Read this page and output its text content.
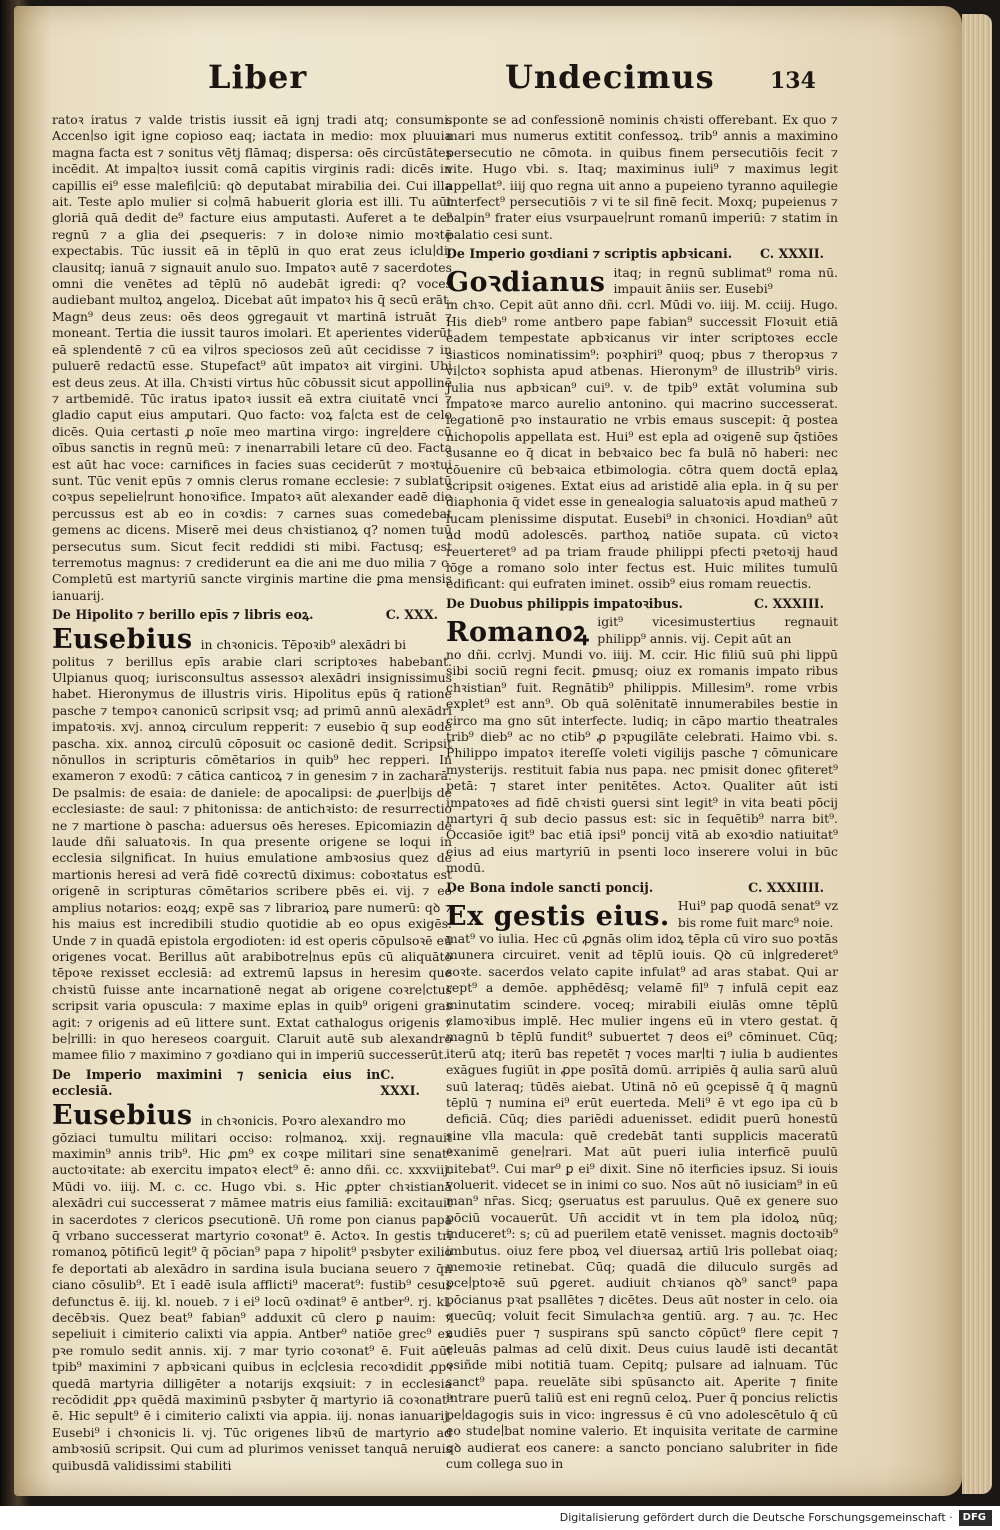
Liber	Undecimus	134

ratoꝛ iratus ⁊ valde tristis iussit eā ignj tradi atq; consumi. Accen∣so igit igne copioso eaq; iactata in medio: mox pluuia magna facta est ⁊ sonitus vētj flāmaq; dispersa: oēs circūstātes incēdit. At impa∣toꝛ iussit comā capitis virginis radi: dicēs in capillis ei⁹ esse malefi∣ciū: qꝺ deputabat mirabilia dei. Cui illa ait. Teste aplo mulier si co∣mā habuerit gloria est illi. Tu aūt gloriā quā dedit de⁹ facture eius amputasti. Auferet a te de⁹ regnū ⁊ a glia dei ꝓsequeris: ⁊ in doloꝛe nimio moꝛtē expectabis. Tūc iussit eā in tēplū in quo erat zeus iclu∣di: clausitq; ianuā ⁊ signauit anulo suo. Impatoꝛ autē ⁊ sacerdotes omni die venētes ad tēplū nō audebāt igredi: q? voces audiebant multoꝝ angeloꝝ. Dicebat aūt impatoꝛ his q̄ secū erāt. Magn⁹ deus zeus: oēs deos ꝯgregauit vt martinā istruāt ⁊ moneant. Tertia die iussit tauros imolari. Et aperientes viderūt eā splendentē ⁊ cū ea vi∣ros speciosos zeū aūt cecidisse ⁊ in puluerē redactū esse. Stupefact⁹ aūt impatoꝛ ait virgini. Ubi est deus zeus. At illa. Chꝛisti virtus hūc cōbussit sicut appollinē ⁊ artbemidē. Tūc iratus ipatoꝛ iussit eā extra ciuitatē vnci ⁊ gladio caput eius amputari. Quo facto: voꝝ fa∣cta est de celo dicēs. Quia certasti ꝓ noīe meo martina virgo: ingre∣dere cū oībus sanctis in regnū meū: ⁊ inenarrabili letare cū deo. Facta est aūt hac voce: carnifices in facies suas ceciderūt ⁊ moꝛtui sunt. Tūc venit epūs ⁊ omnis clerus romane ecclesie: ⁊ sublatū coꝛpus sepelie∣runt honoꝛifice. Impatoꝛ aūt alexander eadē die percussus est ab eo in coꝛdis: ⁊ carnes suas comedebat gemens ac dicens. Miserē mei deus chꝛistianoꝝ q? nomen tuū persecutus sum. Sicut fecit reddidi sti mibi. Factusq; est terremotus magnus: ⁊ crediderunt ea die ani me duo milia ⁊ c. Completū est martyriū sancte virginis martine die ꝑma mensis ianuarij.

De Hipolito ⁊ berillo epīs ⁊ libris eoꝝ.	C. XXX.
Eusebius in chꝛonicis. Tēpoꝛib⁹ alexādri bi

politus ⁊ berillus epīs arabie clari scriptoꝛes habebant. Ulpianus quoq; iurisconsultus assessoꝛ alexādri insignissimus habet. Hieronymus de illustris viris. Hipolitus epūs q̄ ratione pasche ⁊ tempoꝛ canonicū scripsit vsq; ad primū annū alexādri impatoꝛis. xvj. annoꝝ circulum repperit: ⁊ eusebio q̄ sup eodē pascha. xix. annoꝝ circulū cōposuit oc casionē dedit. Scripsit nōnullos in scripturis cōmētarios in quib⁹ hec repperi. In exameron ⁊ exodū: ⁊ cātica canticoꝝ ⁊ in genesim ⁊ in zacharā. De psalmis: de esaia: de daniele: de apocalipsi: de ꝓuer∣bijs de ecclesiaste: de saul: ⁊ phitonissa: de antichꝛisto: de resurrectio ne ⁊ martione ꝺ pascha: aduersus oēs hereses. Epicomiazin de laude dñi saluatoꝛis. In qua presente origene se loqui in ecclesia si∣gnificat. In huius emulatione ambꝛosius quez de martionis heresi ad verā fidē coꝛrectū diximus: coboꝛtatus est origenē in scripturas cōmētarios scribere pbēs ei. vij. ⁊ eo amplius notarios: eoꝝq; expē sas ⁊ librarioꝝ pare numerū: qꝺ ⁊ his maius est incredibili studio quotidie ab eo opus exigēs. Unde ⁊ in quadā epistola ergodioten: id est operis cōpulsoꝛē eū origenes vocat. Berillus aūt arabibotre∣nus epūs cū aliquāto tēpoꝛe rexisset ecclesiā: ad extremū lapsus in heresim que chꝛistū fuisse ante incarnationē negat ab origene coꝛre∣ctus scripsit varia opuscula: ⁊ maxime eplas in quib⁹ origeni gras agit: ⁊ origenis ad eū littere sunt. Extat cathalogus origenis ⁊ be∣rilli: in quo hereseos coarguit. Claruit autē sub alexandro mamee filio ⁊ maximino ⁊ goꝛdiano qui in imperiū successerūt.

De Imperio maximini ⁊ senicia eius in ecclesiā.
C. XXXI.
Eusebius in chꝛonicis. Poꝛro alexandro mo

gōziaci tumultu militari occiso: ro∣manoꝝ. xxij. regnauit maximin⁹ annis trib⁹. Hic ꝓm⁹ ex coꝛpe militari sine senat⁹ auctoꝛitate: ab exercitu impatoꝛ elect⁹ ē: anno dñi. cc. xxxviij. Mūdi vo. iiij. M. c. cc. Hugo vbi. s. Hic ꝓpter chꝛistianā alexādri cui successerat ⁊ māmee matris eius familiā: excitauit in sacerdotes ⁊ clericos ꝑsecutionē. Un̄ rome pon cianus papa q̄ vrbano successerat martyrio coꝛonat⁹ ē. Actoꝛ. In gestis trī romanoꝝ pōtificū legit⁹ q̄ pōcian⁹ papa ⁊ hipolit⁹ pꝛsbyter exilio fe deportati ab alexādro in sardina isula buciana seuero ⁊ q̄n ciano cōsulib⁹. Et ī eadē isula afflicti⁹ macerat⁹: fustib⁹ cesus defunctus ē. iij. kl. noueb. ⁊ i ei⁹ locū oꝛdinat⁹ ē antber⁹. rj. kl. decēbꝛis. Quez beat⁹ fabian⁹ adduxit cū clero ꝑ nauim: ⁊ sepeliuit i cimiterio calixti via appia. Antber⁹ natiōe grec⁹ ex pꝛe romulo sedit annis. xij. ⁊ mar tyrio coꝛonat⁹ ē. Fuit aūt tpib⁹ maximini ⁊ apbꝛicani quibus in ec∣clesia recoꝛdidit ꝓpꝛ quedā martyria dilligēter a notarijs exqsiuit: ⁊ in ecclesia recōdidit ꝓpꝛ quēdā maximinū pꝛsbyter q̄ martyrio iā coꝛonat⁹ ē. Hic sepult⁹ ē i cimiterio calixti via appia. iij. nonas ianuarij. Eusebi⁹ i chꝛonicis li. vj. Tūc origenes libꝛū de martyrio ad ambꝛosiū scripsit. Qui cum ad plurimos venisset tanquā neruis quibusdā validissimi stabiliti

sponte se ad confessionē nominis chꝛisti offerebant. Ex quo ⁊ mari mus numerus extitit confessoꝝ. trib⁹ annis a maximino persecutio ne cōmota. in quibus finem persecutiōis fecit ⁊ vite. Hugo vbi. s. Itaq; maximinus iuli⁹ ⁊ maximus legit appellat⁹. iiij quo regna uit anno a pupeieno tyranno aquilegie interfect⁹ persecutiōis ⁊ vi te sil finē fecit. Moxq; pupeienus ⁊ balpin⁹ frater eius vsurpaue∣runt romanū imperiū: ⁊ statim in palatio cesi sunt.

De Imperio goꝛdiani ⁊ scriptis apbꝛicani. C. XXXII.
Goꝛdianus itaq; in regnū sublimat⁹ roma nū. impauit āniis ser. Eusebi⁹

in chꝛo. Cepit aūt anno dñi. ccrl. Mūdi vo. iiij. M. cciij. Hugo. His dieb⁹ rome antbero pape fabian⁹ successit Floꝛuit etiā eadem tempestate apbꝛicanus vir inter scriptoꝛes eccle siasticos nominatissim⁹: poꝛphiri⁹ quoq; pbus ⁊ theropꝛus ⁊ vi∣ctoꝛ sophista apud atbenas. Hieronym⁹ de illustrib⁹ viris. Julia nus apbꝛican⁹ cui⁹. v. de tpib⁹ extāt volumina sub impatoꝛe marco aurelio antonino. qui macrino successerat. legationē pꝛo instauratio ne vrbis emaus suscepit: q̄ postea nichopolis appellata est. Hui⁹ est epla ad oꝛigenē sup q̄stiōes susanne eo q̄ dicat in bebꝛaico bec fa bulā nō haberi: nec cōuenire cū bebꝛaica etbimologia. cōtra quem doctā eplaꝝ scripsit oꝛigenes. Extat eius ad aristidē alia epla. in q̄ su per diaphonia q̄ videt esse in genealogia saluatoꝛis apud matheū ⁊ lucam plenissime disputat. Eusebi⁹ in chꝛonici. Hoꝛdian⁹ aūt ad modū adolescēs. parthoꝝ natiōe supata. cū victoꝛ reuerteret⁹ ad pa triam fraude philippi pfecti pꝛetoꝛij haud lōge a romano solo inter fectus est. Huic milites tumulū edificant: qui eufraten iminet. ossib⁹ eius romam reuectis.

De Duobus philippis impatoꝛibus.	C. XXXIII.
Romanoꝝ igit⁹ vicesimustertius regnauit philipp⁹ annis. vij. Cepit aūt an

no dñi. ccrlvj. Mundi vo. iiij. M. ccir. Hic filiū suū phi lippū sibi sociū regni fecit. ꝑmusq; oiuz ex romanis impato ribus chꝛistian⁹ fuit. Regnātib⁹ philippis. Millesim⁹. rome vrbis explet⁹ est ann⁹. Ob quā solēnitatē innumerabiles bestie in circo ma gno sūt interfecte. ludiq; in cāpo martio theatrales trib⁹ dieb⁹ ac no ctib⁹ ꝓ pꝛpugilāte celebrati. Haimo vbi. s. Philippo impatoꝛ itereſſe voleti vigilijs pasche ⁊ cōmunicare mysterijs. restituit fabia nus papa. nec pmisit donec ꝯfiteret⁹ petā: ⁊ staret inter penitētes. Actoꝛ. Qualiter aūt isti impatoꝛes ad fidē chꝛisti ꝯuersi sint legit⁹ in vita beati pōcij martyri q̄ sub decio passus est: sic in ſequētib⁹ narra bit⁹. Occasiōe igit⁹ bac etiā ipsi⁹ poncij vitā ab exoꝛdio natiuitat⁹ eius ad eius martyriū in psenti loco inserere volui in būc modū.

De Bona indole sancti poncij.	C. XXXIIII.
Ex gestis eius. Hui⁹ paꝑ quodā senat⁹ vz bis rome fuit marc⁹ noie.

mat⁹ vo iulia. Hec cū ꝓgnās olim idoꝝ tēpla cū viro suo poꝛtās munera circuiret. venit ad tēplū iouis. Qꝺ cū in∣grederet⁹ soꝛte. sacerdos velato capite infulat⁹ ad aras stabat. Qui ar rept⁹ a demōe. apphēdēsq; velamē fil⁹ ⁊ infulā cepit eaz minutatim scindere. voceq; mirabili eiulās omne tēplū clamoꝛibus implē. Hec mulier ingens eū in vtero gestat. q̄ magnū b tēplū fundit⁹ subuertet ⁊ deos ei⁹ cōminuet. Cūq; iterū atq; iterū bas repetēt ⁊ voces mar∣ti ⁊ iulia b audientes exāgues fugiūt in ꝓpe posītā domū. arripiēs q̄ aulia sarū aluū suū lateraq; tūdēs aiebat. Utinā nō eū ꝯcepissē q̄ q̄ magnū tēplū ⁊ numina ei⁹ erūt euerteda. Meli⁹ ē vt ego ipa cū b deficiā. Cūq; dies pariēdi aduenisset. edidit puerū honestū sine vlla macula: quē credebāt tanti supplicis maceratū exanimē gene∣rari. Mat aūt pueri iulia interficē puulū nitebat⁹. Cui mar⁹ ꝑ ei⁹ dixit. Sine nō iterficies ipsuz. Si iouis voluerit. videcet se in inimi co suo. Nos aūt nō iusiciam⁹ in eū man⁹ nr̄as. Sicq; ꝯseruatus est paruulus. Quē ex genere suo pōciū vocauerūt. Un̄ accidit vt in tem pla idoloꝝ nūq; induceret⁹: s; cū ad puerilem etatē venisset. magnis doctoꝛib⁹ imbutus. oiuz fere pboꝝ vel diuersaꝝ artiū lris pollebat oiaq; memoꝛie retinebat. Cūq; quadā die diluculo surgēs ad pce∣ptoꝛē suū ꝑgeret. audiuit chꝛianos qꝺ⁹ sanct⁹ papa pōcianus pꝛat psallētes ⁊ dicētes. Deus aūt noster in celo. oia quecūq; voluit fecit Simulachꝛa gentiū. arg. ⁊ au. ⁊c. Hec audiēs puer ⁊ suspirans spū sancto cōpūct⁹ flere cepit ⁊ eleuās palmas ad celū dixit. Deus cuius laudē isti decantāt osiñde mibi notitiā tuam. Cepitq; pulsare ad ia∣nuam. Tūc sanct⁹ papa. reuelāte sibi spūsancto ait. Aperite ⁊ finite intrare puerū taliū est eni regnū celoꝝ. Puer q̄ poncius relictis pe∣dagogis suis in vico: ingressus ē cū vno adolescētulo q̄ cū eo stude∣bat nomine valerio. Et inquisita veritate de carmine qꝺ audierat eos canere: a sancto ponciano salubriter in fide cum collega suo in

Digitalisierung gefördert durch die Deutsche Forschungsgemeinschaft · DFG
